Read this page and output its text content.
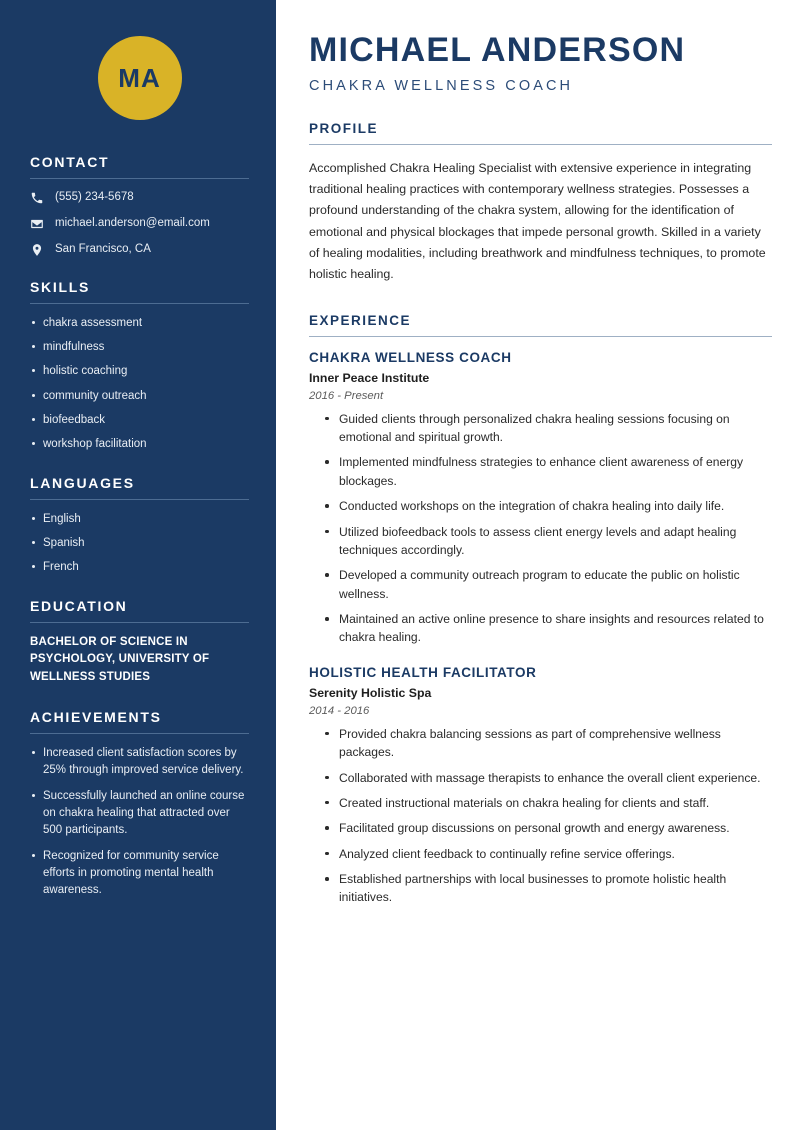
MA
CONTACT
(555) 234-5678
michael.anderson@email.com
San Francisco, CA
SKILLS
chakra assessment
mindfulness
holistic coaching
community outreach
biofeedback
workshop facilitation
LANGUAGES
English
Spanish
French
EDUCATION
BACHELOR OF SCIENCE IN PSYCHOLOGY, UNIVERSITY OF WELLNESS STUDIES
ACHIEVEMENTS
Increased client satisfaction scores by 25% through improved service delivery.
Successfully launched an online course on chakra healing that attracted over 500 participants.
Recognized for community service efforts in promoting mental health awareness.
MICHAEL ANDERSON
CHAKRA WELLNESS COACH
PROFILE

Accomplished Chakra Healing Specialist with extensive experience in integrating traditional healing practices with contemporary wellness strategies. Possesses a profound understanding of the chakra system, allowing for the identification of emotional and physical blockages that impede personal growth. Skilled in a variety of healing modalities, including breathwork and mindfulness techniques, to promote holistic healing.

EXPERIENCE
CHAKRA WELLNESS COACH
Inner Peace Institute
2016 - Present
Guided clients through personalized chakra healing sessions focusing on emotional and spiritual growth.
Implemented mindfulness strategies to enhance client awareness of energy blockages.
Conducted workshops on the integration of chakra healing into daily life.
Utilized biofeedback tools to assess client energy levels and adapt healing techniques accordingly.
Developed a community outreach program to educate the public on holistic wellness.
Maintained an active online presence to share insights and resources related to chakra healing.
HOLISTIC HEALTH FACILITATOR
Serenity Holistic Spa
2014 - 2016
Provided chakra balancing sessions as part of comprehensive wellness packages.
Collaborated with massage therapists to enhance the overall client experience.
Created instructional materials on chakra healing for clients and staff.
Facilitated group discussions on personal growth and energy awareness.
Analyzed client feedback to continually refine service offerings.
Established partnerships with local businesses to promote holistic health initiatives.
